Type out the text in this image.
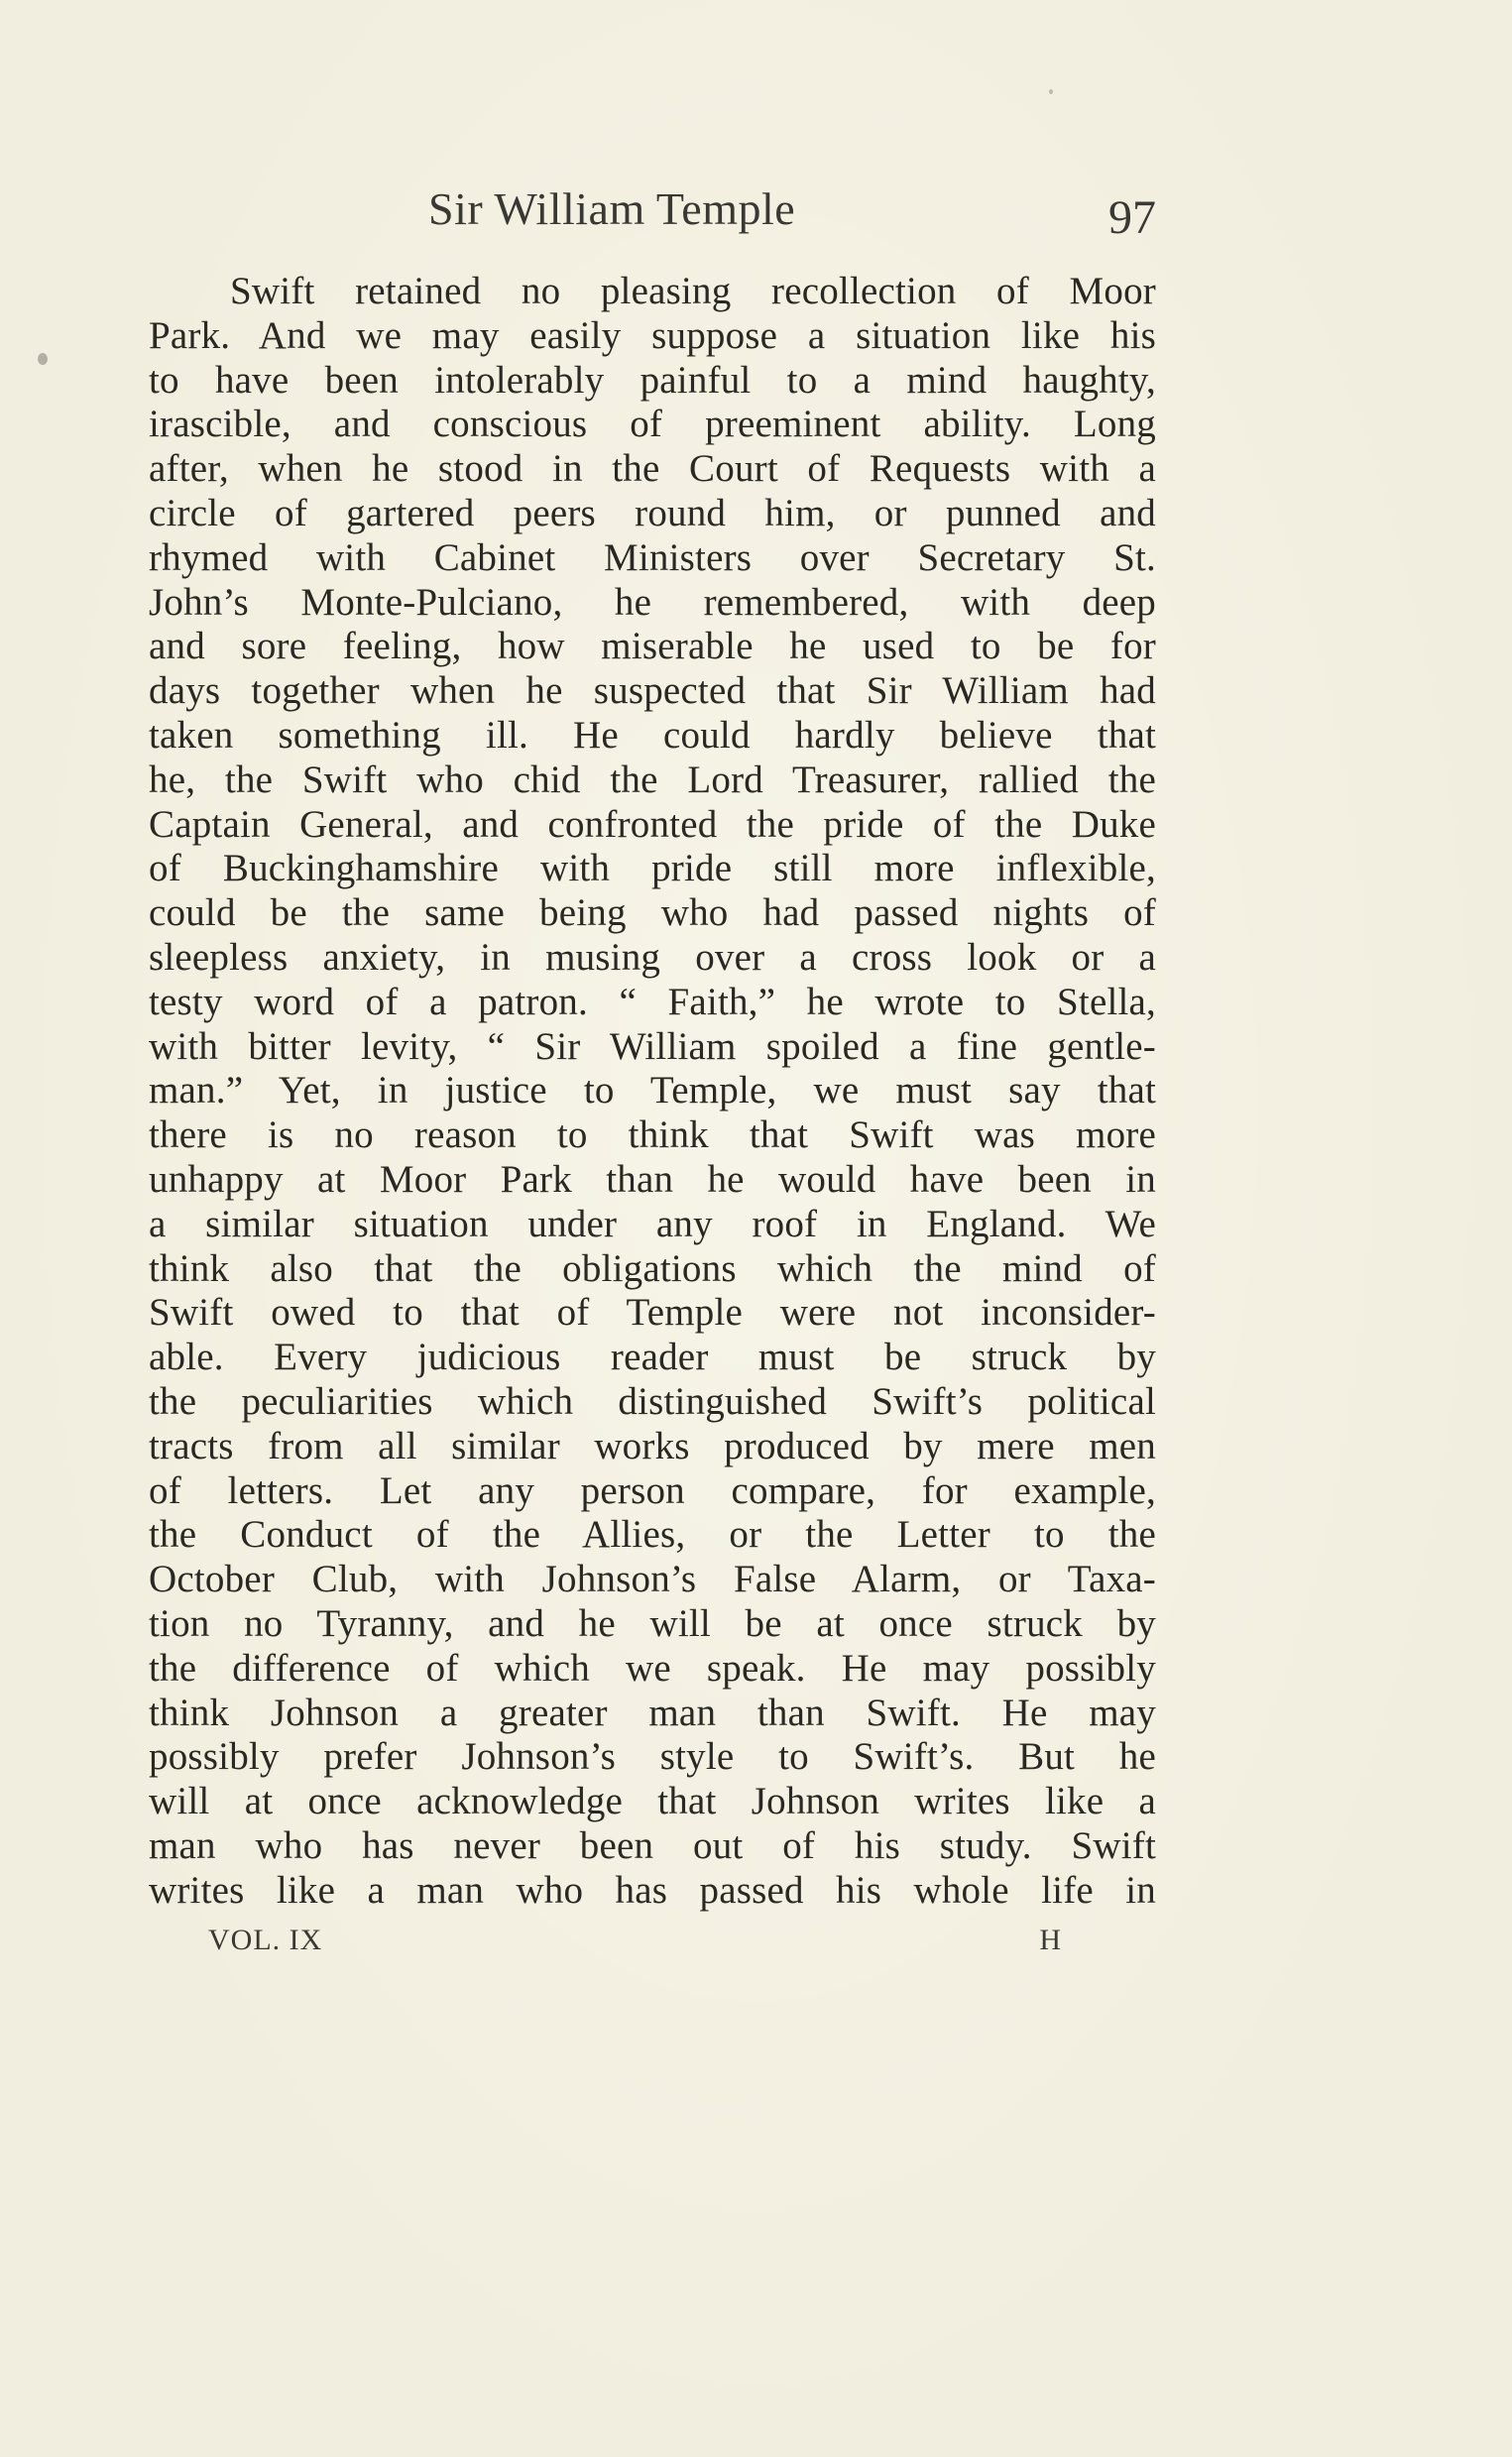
Sir William Temple	97
Swift retained no pleasing recollection of Moor
Park. And we may easily suppose a situation like his
to have been intolerably painful to a mind haughty,
irascible, and conscious of preeminent ability. Long
after, when he stood in the Court of Requests with a
circle of gartered peers round him, or punned and
rhymed with Cabinet Ministers over Secretary St.
John’s Monte-Pulciano, he remembered, with deep
and sore feeling, how miserable he used to be for
days together when he suspected that Sir William had
taken something ill. He could hardly believe that
he, the Swift who chid the Lord Treasurer, rallied the
Captain General, and confronted the pride of the Duke
of Buckinghamshire with pride still more inflexible,
could be the same being who had passed nights of
sleepless anxiety, in musing over a cross look or a
testy word of a patron. “ Faith,” he wrote to Stella,
with bitter levity, “ Sir William spoiled a fine gentle-
man.” Yet, in justice to Temple, we must say that
there is no reason to think that Swift was more
unhappy at Moor Park than he would have been in
a similar situation under any roof in England. We
think also that the obligations which the mind of
Swift owed to that of Temple were not inconsider-
able. Every judicious reader must be struck by
the peculiarities which distinguished Swift’s political
tracts from all similar works produced by mere men
of letters. Let any person compare, for example,
the Conduct of the Allies, or the Letter to the
October Club, with Johnson’s False Alarm, or Taxa-
tion no Tyranny, and he will be at once struck by
the difference of which we speak. He may possibly
think Johnson a greater man than Swift. He may
possibly prefer Johnson’s style to Swift’s. But he
will at once acknowledge that Johnson writes like a
man who has never been out of his study. Swift
writes like a man who has passed his whole life in
VOL. IX	H
